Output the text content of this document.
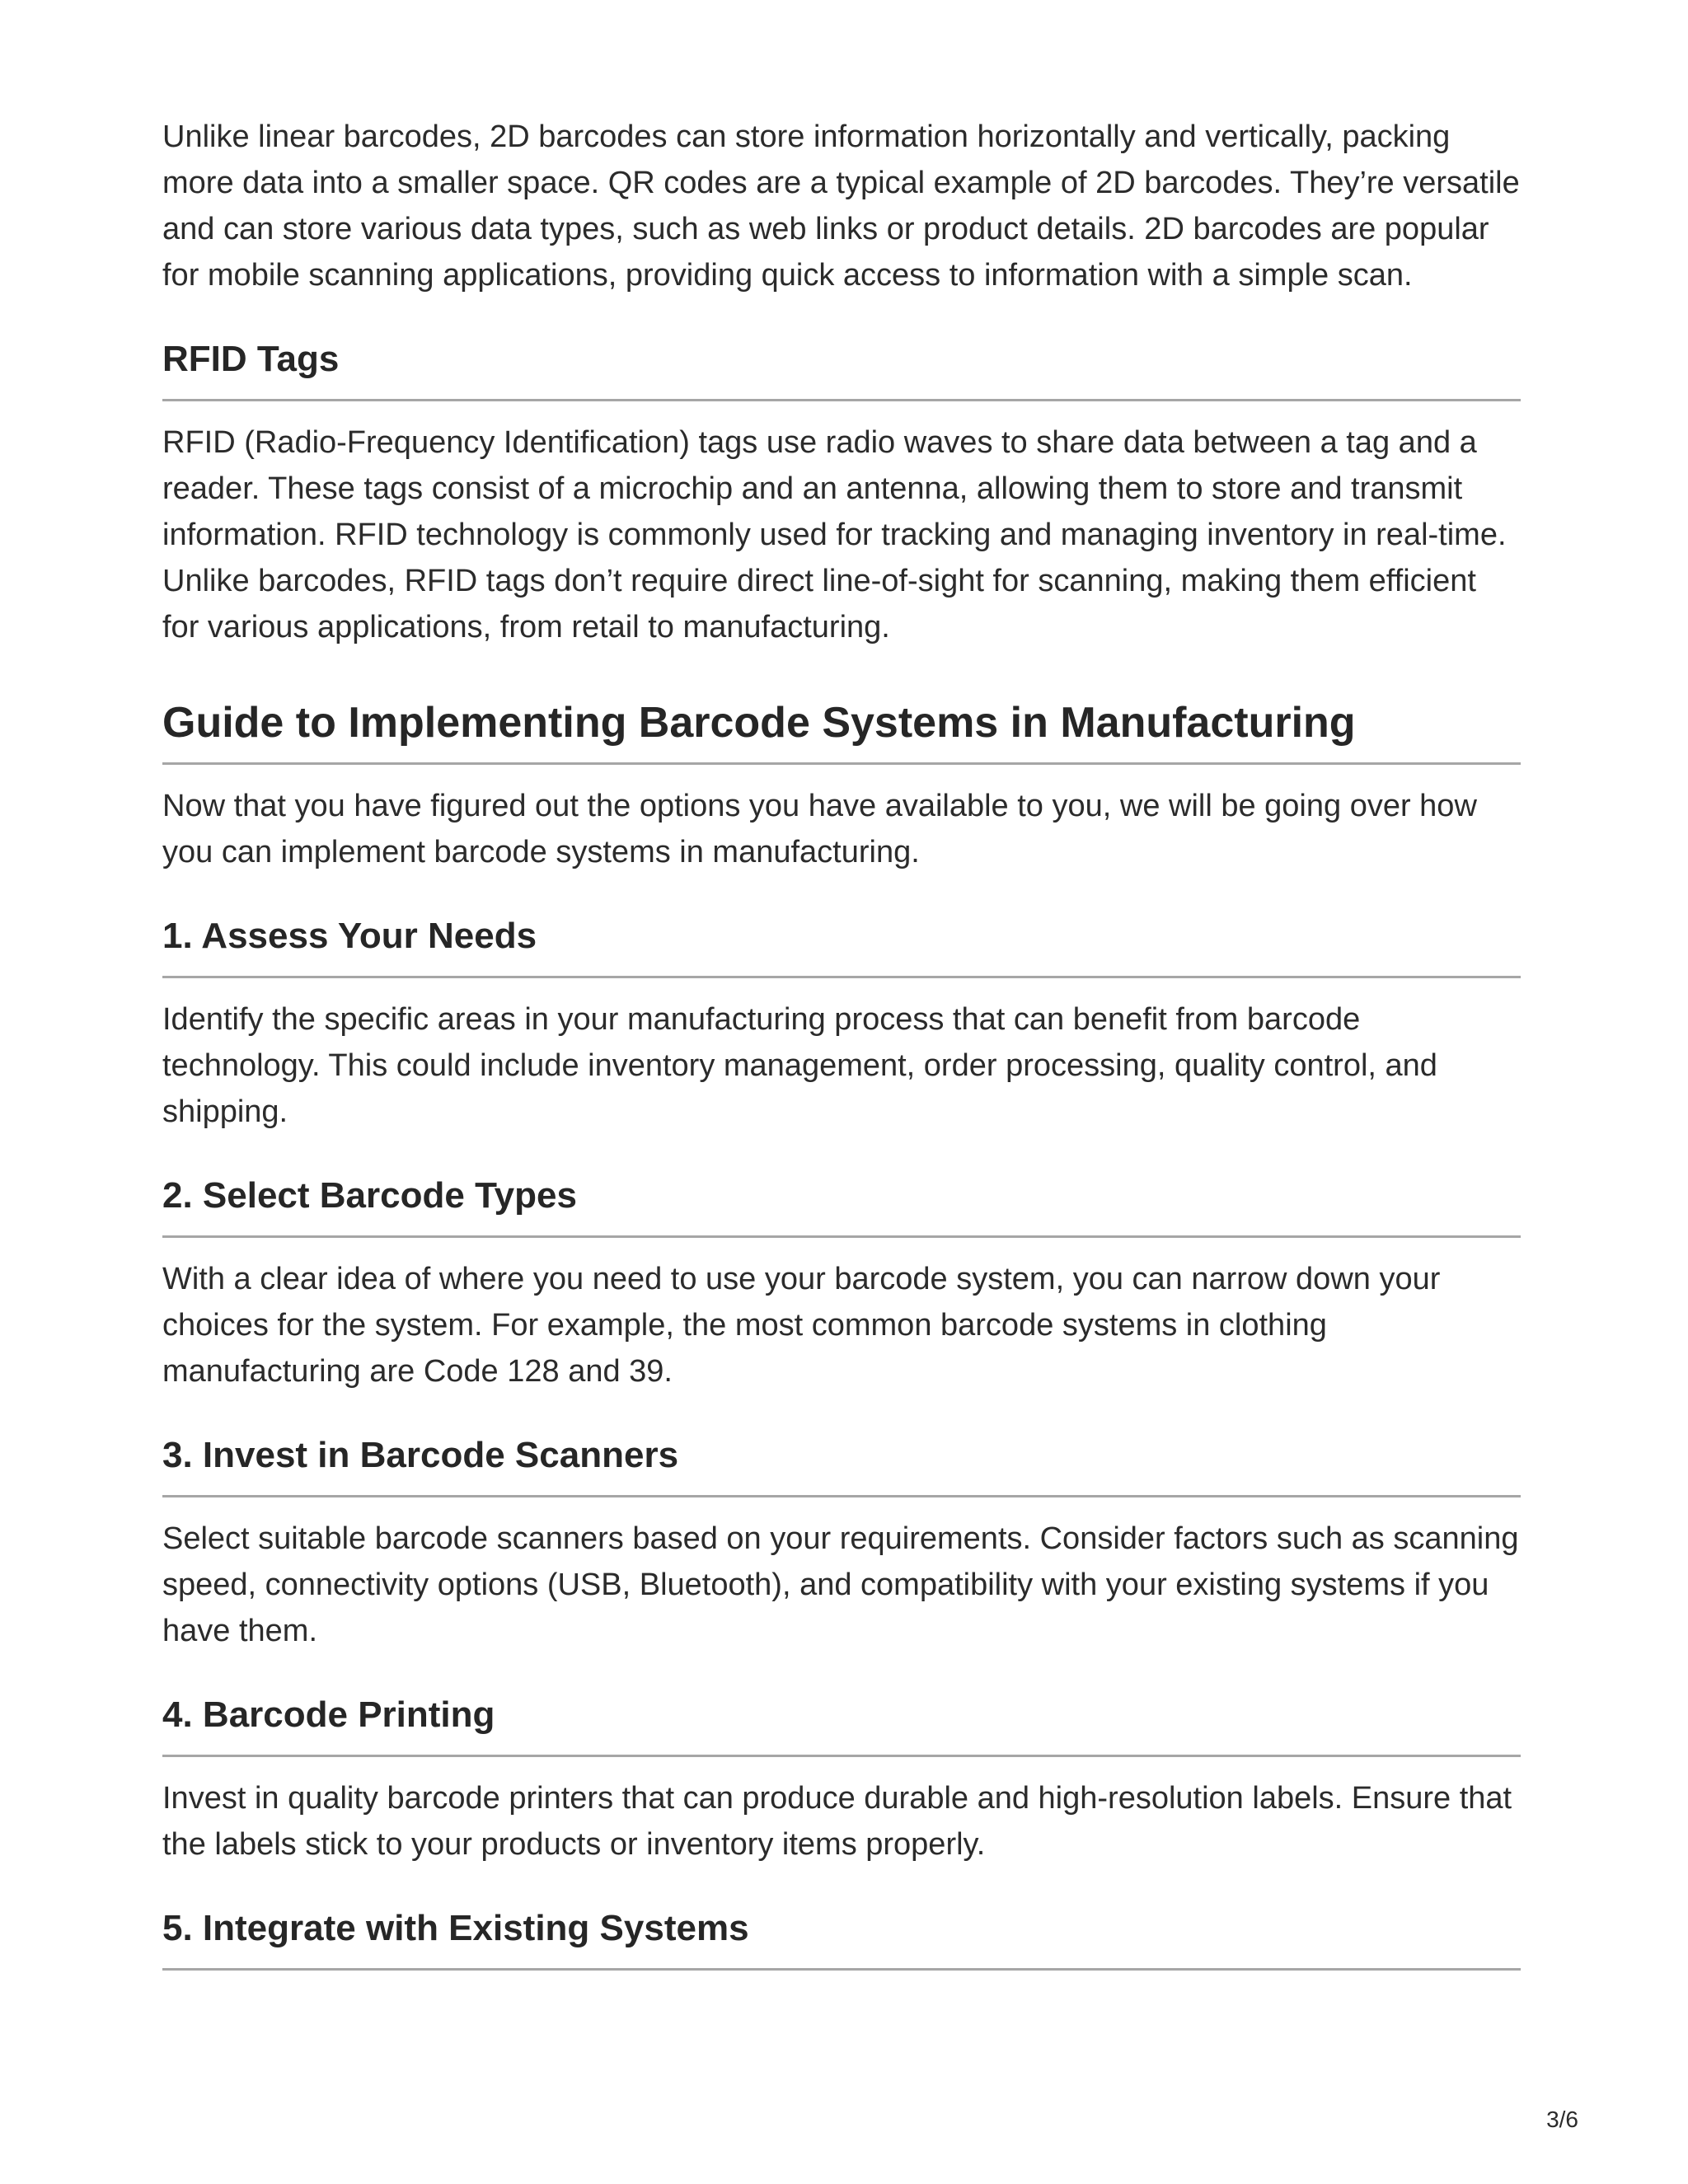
Unlike linear barcodes, 2D barcodes can store information horizontally and vertically, packing more data into a smaller space. QR codes are a typical example of 2D barcodes. They’re versatile and can store various data types, such as web links or product details. 2D barcodes are popular for mobile scanning applications, providing quick access to information with a simple scan.

RFID Tags

RFID (Radio-Frequency Identification) tags use radio waves to share data between a tag and a reader. These tags consist of a microchip and an antenna, allowing them to store and transmit information. RFID technology is commonly used for tracking and managing inventory in real-time. Unlike barcodes, RFID tags don’t require direct line-of-sight for scanning, making them efficient for various applications, from retail to manufacturing.

Guide to Implementing Barcode Systems in Manufacturing

Now that you have figured out the options you have available to you, we will be going over how you can implement barcode systems in manufacturing.

1. Assess Your Needs

Identify the specific areas in your manufacturing process that can benefit from barcode technology. This could include inventory management, order processing, quality control, and shipping.

2. Select Barcode Types

With a clear idea of where you need to use your barcode system, you can narrow down your choices for the system. For example, the most common barcode systems in clothing manufacturing are Code 128 and 39.

3. Invest in Barcode Scanners

Select suitable barcode scanners based on your requirements. Consider factors such as scanning speed, connectivity options (USB, Bluetooth), and compatibility with your existing systems if you have them.

4. Barcode Printing

Invest in quality barcode printers that can produce durable and high-resolution labels. Ensure that the labels stick to your products or inventory items properly.

5. Integrate with Existing Systems
3/6
